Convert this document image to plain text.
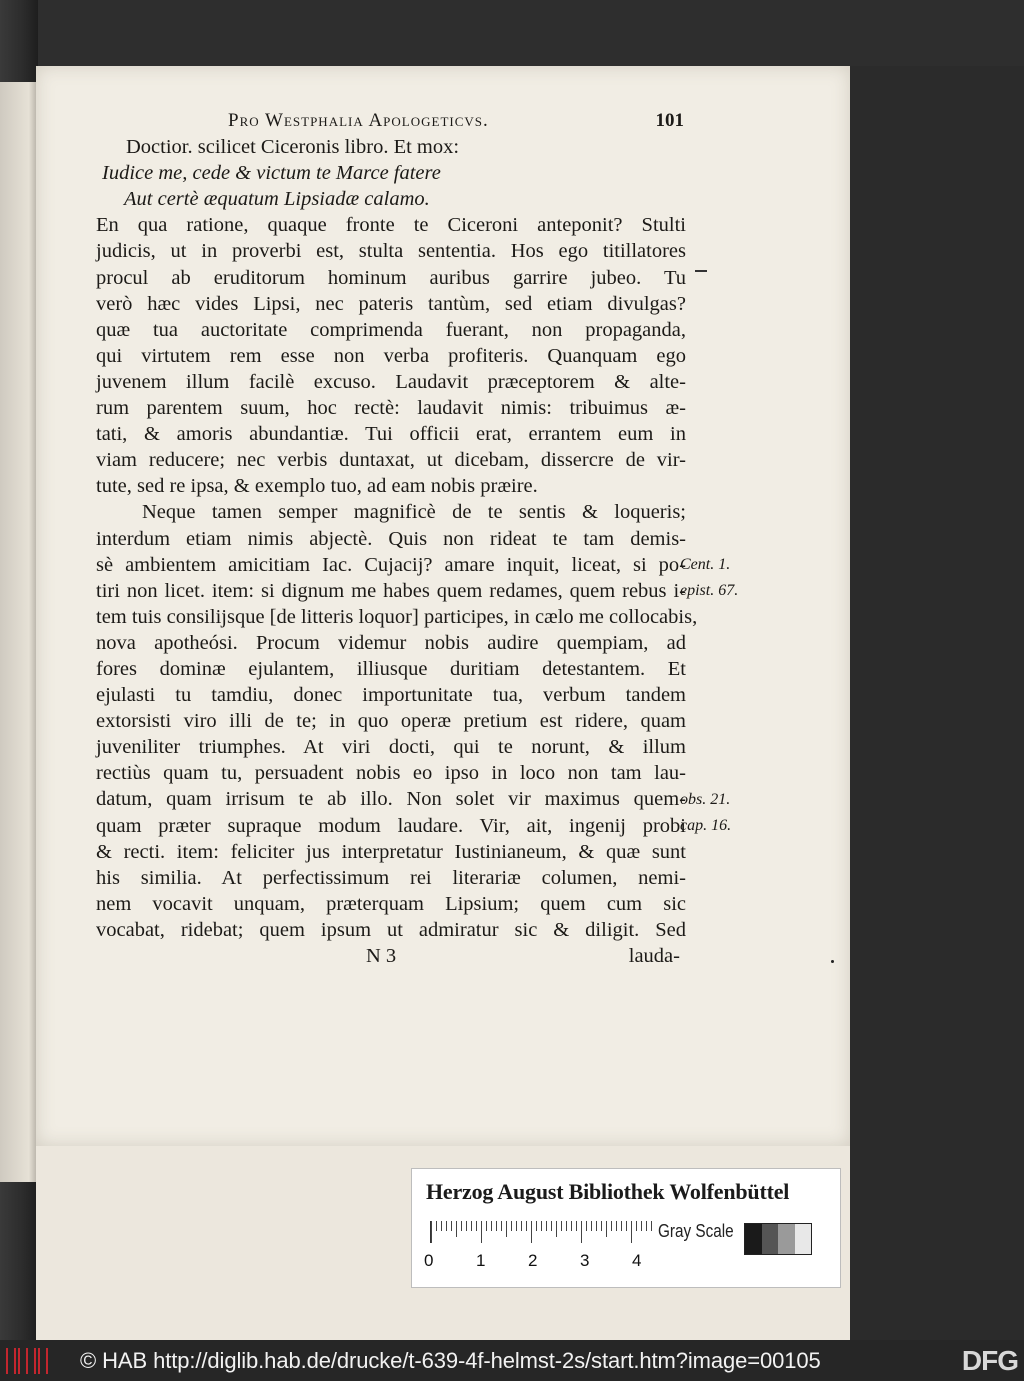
Pro Westphalia Apologeticvs.	101
Doctior. scilicet Ciceronis libro. Et mox:
Iudice me, cede & victum te Marce fatere
Aut certè æquatum Lipsiadæ calamo.
En qua ratione, quaque fronte te Ciceroni anteponit? Stulti
judicis, ut in proverbi est, stulta sententia. Hos ego titillatores
procul ab eruditorum hominum auribus garrire jubeo. Tu
verò hæc vides Lipsi, nec pateris tantùm, sed etiam divulgas?
quæ tua auctoritate comprimenda fuerant, non propaganda,
qui virtutem rem esse non verba profiteris. Quanquam ego
juvenem illum facilè excuso. Laudavit præceptorem & alte-
rum parentem suum, hoc rectè: laudavit nimis: tribuimus æ-
tati, & amoris abundantiæ. Tui officii erat, errantem eum in
viam reducere; nec verbis duntaxat, ut dicebam, dissercre de vir-
tute, sed re ipsa, & exemplo tuo, ad eam nobis præire.
Neque tamen semper magnificè de te sentis & loqueris;
interdum etiam nimis abjectè. Quis non rideat te tam demis-
sè ambientem amicitiam Iac. Cujacij? amare inquit, liceat, si po-
tiri non licet. item: si dignum me habes quem redames, quem rebus i-
tem tuis consilijsque [de litteris loquor] participes, in cælo me collocabis,
nova apotheósi. Procum videmur nobis audire quempiam, ad
fores dominæ ejulantem, illiusque duritiam detestantem. Et
ejulasti tu tamdiu, donec importunitate tua, verbum tandem
extorsisti viro illi de te; in quo operæ pretium est ridere, quam
juveniliter triumphes. At viri docti, qui te norunt, & illum
rectiùs quam tu, persuadent nobis eo ipso in loco non tam lau-
datum, quam irrisum te ab illo. Non solet vir maximus quem-
quam præter supraque modum laudare. Vir, ait, ingenij probi
& recti. item: feliciter jus interpretatur Iustinianeum, & quæ sunt
his similia. At perfectissimum rei literariæ columen, nemi-
nem vocavit unquam, præterquam Lipsium; quem cum sic
vocabat, ridebat; quem ipsum ut admiratur sic & diligit. Sed
N 3	lauda-
Cent. 1.
epist. 67.
obs. 21.
cap. 16.
Herzog August Bibliothek Wolfenbüttel
0	1	2	3	4
Gray Scale
© HAB http://diglib.hab.de/drucke/t-639-4f-helmst-2s/start.htm?image=00105	DFG
